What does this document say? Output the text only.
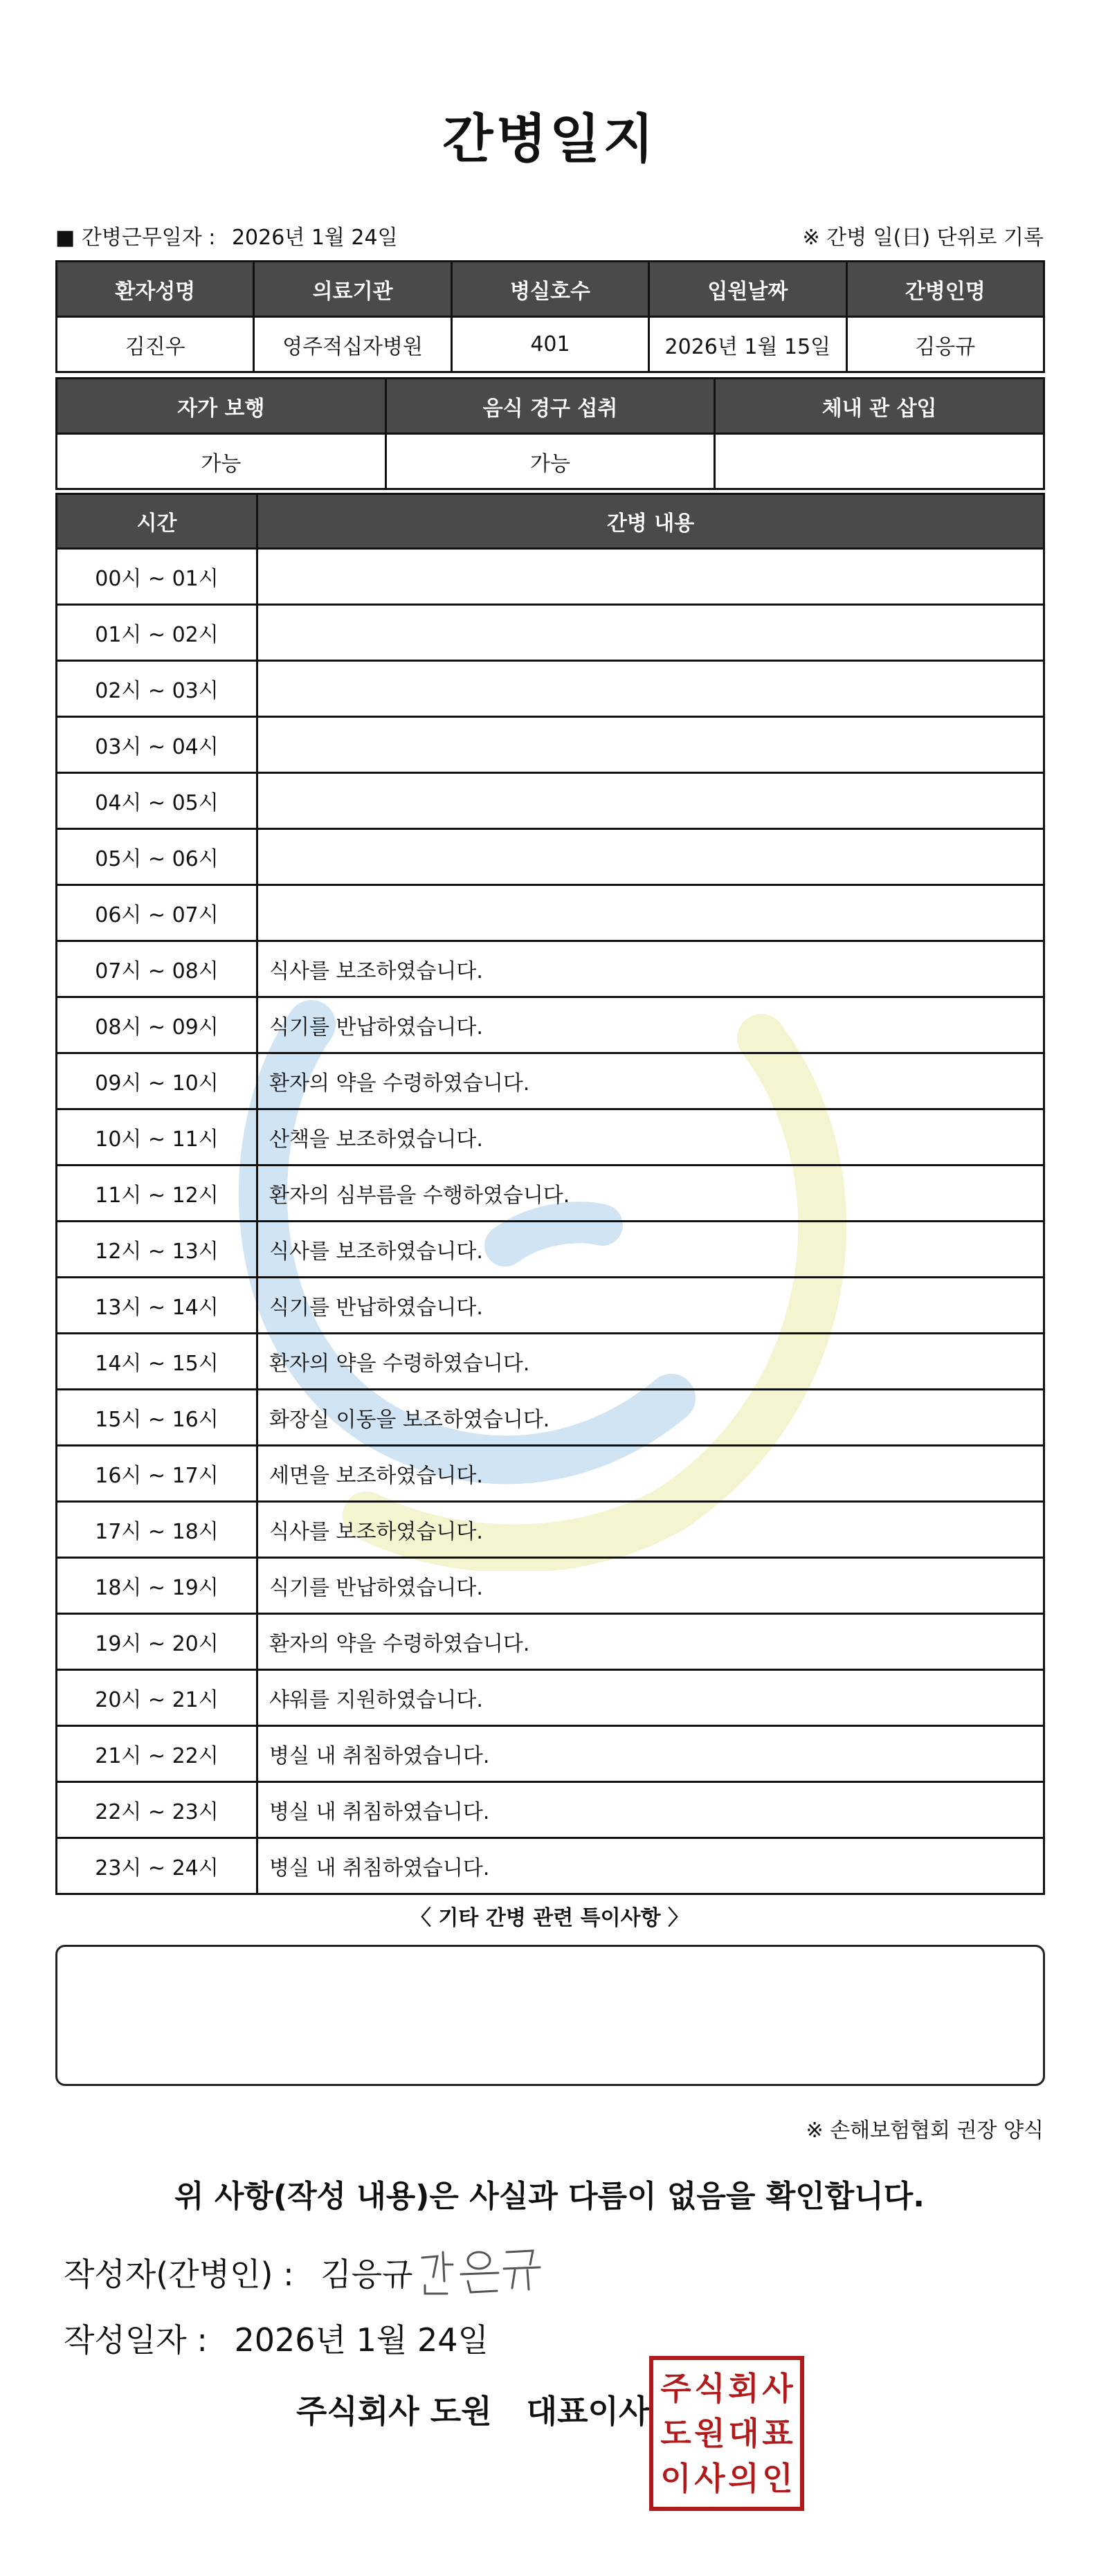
간병일지
■ 간병근무일자 : 2026년 1월 24일	※ 간병 일(日) 단위로 기록
환자성명	의료기관	병실호수	입원날짜	간병인명
김진우	영주적십자병원	401	2026년 1월 15일	김응규
자가 보행	음식 경구 섭취	체내 관 삽입
가능	가능	
시간	간병 내용
00시 ~ 01시	
01시 ~ 02시	
02시 ~ 03시	
03시 ~ 04시	
04시 ~ 05시	
05시 ~ 06시	
06시 ~ 07시	
07시 ~ 08시	식사를 보조하였습니다.
08시 ~ 09시	식기를 반납하였습니다.
09시 ~ 10시	환자의 약을 수령하였습니다.
10시 ~ 11시	산책을 보조하였습니다.
11시 ~ 12시	환자의 심부름을 수행하였습니다.
12시 ~ 13시	식사를 보조하였습니다.
13시 ~ 14시	식기를 반납하였습니다.
14시 ~ 15시	환자의 약을 수령하였습니다.
15시 ~ 16시	화장실 이동을 보조하였습니다.
16시 ~ 17시	세면을 보조하였습니다.
17시 ~ 18시	식사를 보조하였습니다.
18시 ~ 19시	식기를 반납하였습니다.
19시 ~ 20시	환자의 약을 수령하였습니다.
20시 ~ 21시	샤워를 지원하였습니다.
21시 ~ 22시	병실 내 취침하였습니다.
22시 ~ 23시	병실 내 취침하였습니다.
23시 ~ 24시	병실 내 취침하였습니다.
〈 기타 간병 관련 특이사항 〉
※ 손해보험협회 권장 양식
위 사항(작성 내용)은 사실과 다름이 없음을 확인합니다.
작성자(간병인) : 김응규
작성일자 : 2026년 1월 24일
주식회사 도원 대표이사
주 식 회 사
도 원 대 표
이 사 의 인
